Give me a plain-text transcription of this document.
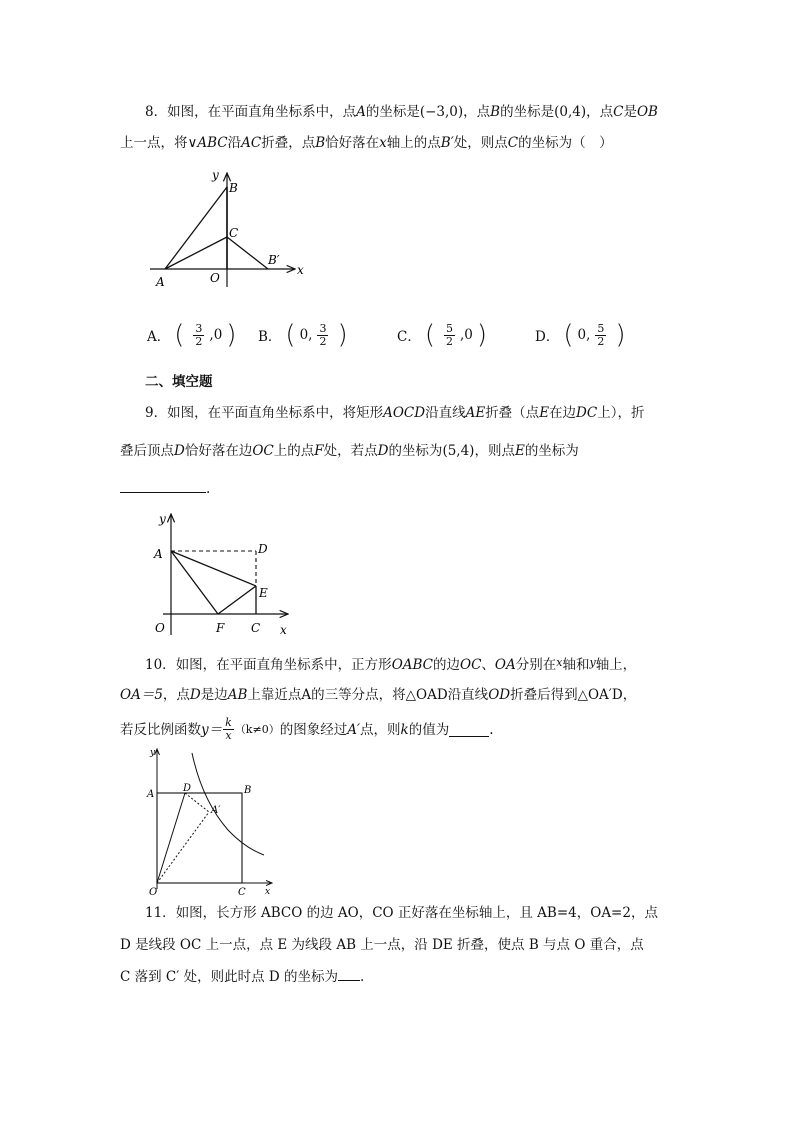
8．如图，在平面直角坐标系中，点A的坐标是(−3,0)，点B的坐标是(0,4)，点C是OB
上一点，将∨ABC沿AC折叠，点B恰好落在x轴上的点B′处，则点C的坐标为（　）
y
B
C
B′
x
A	O
A． ( $\frac{3}{2} ,0$ ) B． ( 0, $\frac{3}{2}$ )	C． ( $\frac{5}{2} ,0$ )	D． ( 0, $\frac{5}{2}$ )
二、填空题
9．如图，在平面直角坐标系中，将矩形AOCD沿直线AE折叠（点E在边DC上），折
叠后顶点D恰好落在边OC上的点F处，若点D的坐标为(5,4)，则点E的坐标为
.
y
A	D
E
O	F C x
10．如图，在平面直角坐标系中，正方形OABC的边OC、OA分别在$^x$轴和$^y$轴上，
OA＝5，点D是边AB上靠近点A的三等分点，将△OAD沿直线OD折叠后得到△OA′D，
若反比例函数 $y= \frac{k}{x} (k\ne 0)$ 的图象经过 A′ 点，则 k 的值为	.
y
A
D	B
A′
O	C x
11．如图，长方形 ABCO 的边 AO，CO 正好落在坐标轴上，且 AB=4，OA=2，点
D 是线段 OC 上一点，点 E 为线段 AB 上一点，沿 DE 折叠，使点 B 与点 O 重合，点
C 落到 C′ 处，则此时点 D 的坐标为 .
